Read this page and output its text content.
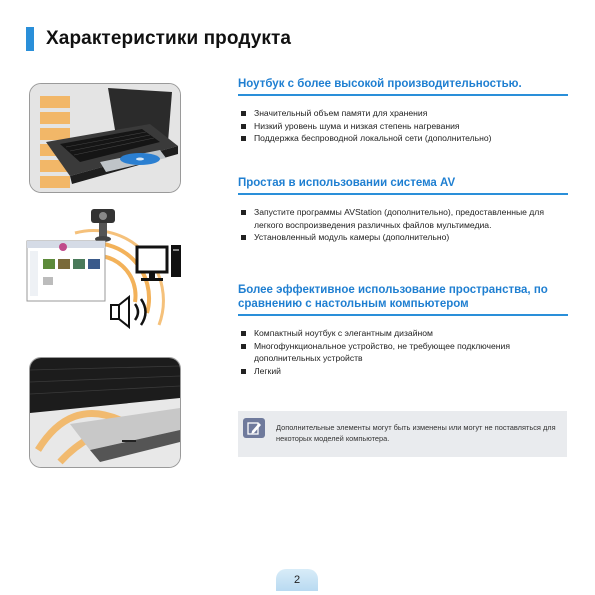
Характеристики продукта
Ноутбук с более высокой производительностью.
Значительный объем памяти для хранения
Низкий уровень шума и низкая степень нагревания
Поддержка беспроводной локальной сети (дополнительно)
Простая в использовании система AV
Запустите программы AVStation (дополнительно), предоставленные для легкого воспроизведения различных файлов мультимедиа.
Установленный модуль камеры (дополнительно)
Более эффективное использование пространства, по сравнению с настольным компьютером
Компактный ноутбук с элегантным дизайном
Многофункциональное устройство, не требующее подключения дополнительных устройств
Легкий
Дополнительные элементы могут быть изменены или могут не поставляться для некоторых моделей компьютера.
2
